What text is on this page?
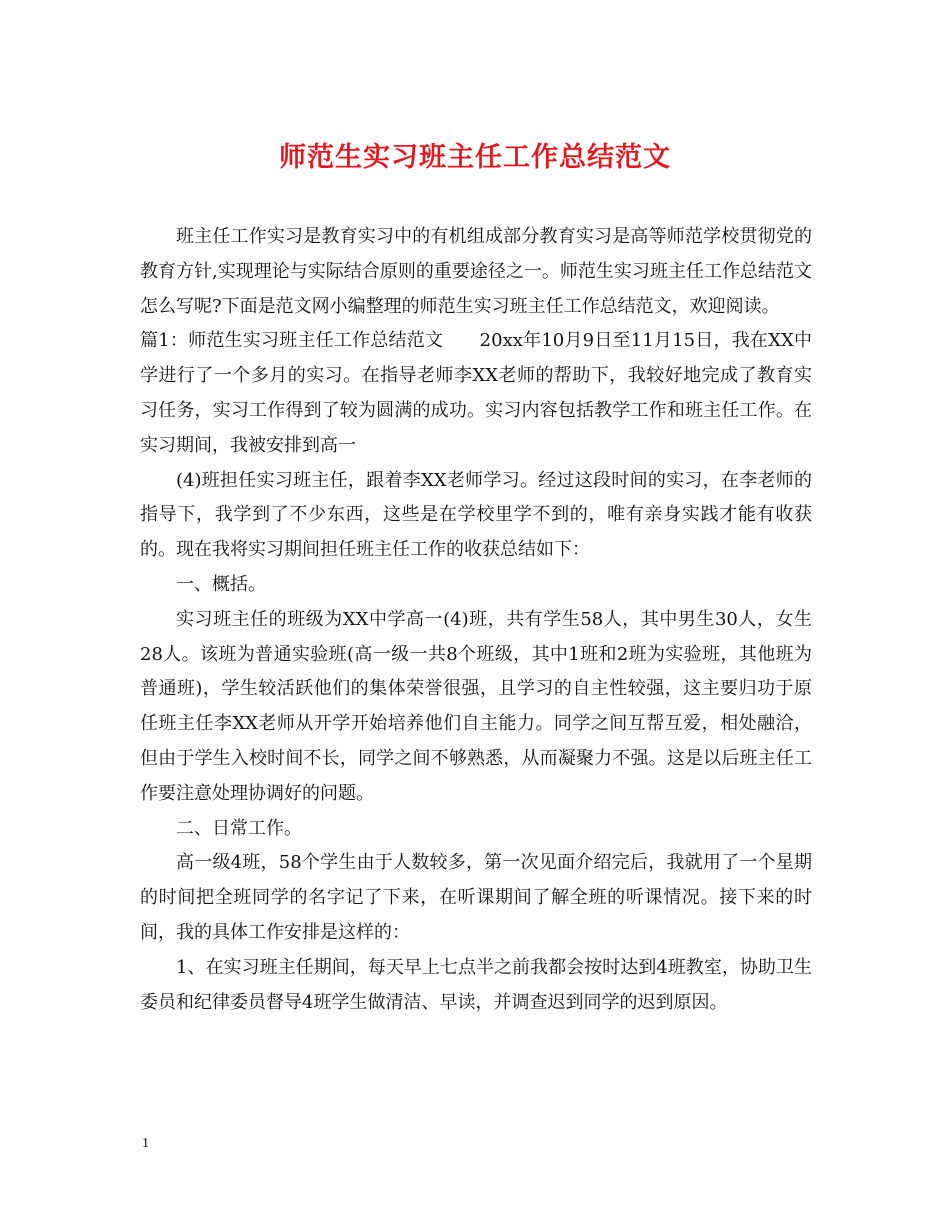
师范生实习班主任工作总结范文

班主任工作实习是教育实习中的有机组成部分教育实习是高等师范学校贯彻党的教育方针,实现理论与实际结合原则的重要途径之一。师范生实习班主任工作总结范文怎么写呢?下面是范文网小编整理的师范生实习班主任工作总结范文，欢迎阅读。

篇1：师范生实习班主任工作总结范文　　20xx年10月9日至11月15日，我在XX中学进行了一个多月的实习。在指导老师李XX老师的帮助下，我较好地完成了教育实习任务，实习工作得到了较为圆满的成功。实习内容包括教学工作和班主任工作。在实习期间，我被安排到高一

(4)班担任实习班主任，跟着李XX老师学习。经过这段时间的实习，在李老师的指导下，我学到了不少东西，这些是在学校里学不到的，唯有亲身实践才能有收获的。现在我将实习期间担任班主任工作的收获总结如下：

一、概括。

实习班主任的班级为XX中学高一(4)班，共有学生58人，其中男生30人，女生28人。该班为普通实验班(高一级一共8个班级，其中1班和2班为实验班，其他班为普通班)，学生较活跃他们的集体荣誉很强，且学习的自主性较强，这主要归功于原任班主任李XX老师从开学开始培养他们自主能力。同学之间互帮互爱，相处融洽，但由于学生入校时间不长，同学之间不够熟悉，从而凝聚力不强。这是以后班主任工作要注意处理协调好的问题。

二、日常工作。

高一级4班，58个学生由于人数较多，第一次见面介绍完后，我就用了一个星期的时间把全班同学的名字记了下来，在听课期间了解全班的听课情况。接下来的时间，我的具体工作安排是这样的：

1、在实习班主任期间，每天早上七点半之前我都会按时达到4班教室，协助卫生委员和纪律委员督导4班学生做清洁、早读，并调查迟到同学的迟到原因。

1
